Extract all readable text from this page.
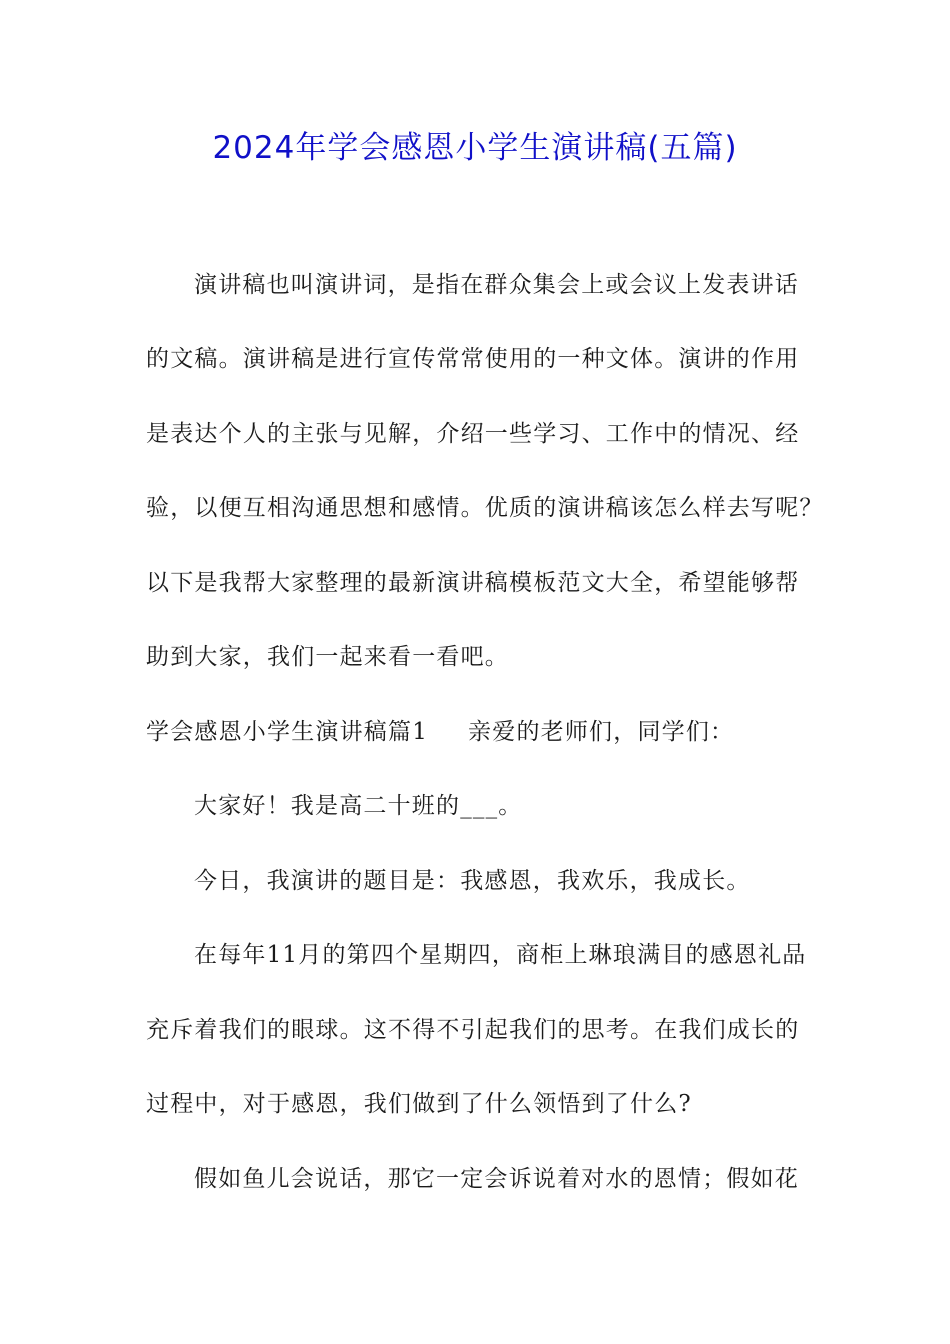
2024年学会感恩小学生演讲稿(五篇)
演讲稿也叫演讲词，是指在群众集会上或会议上发表讲话
的文稿。演讲稿是进行宣传常常使用的一种文体。演讲的作用
是表达个人的主张与见解，介绍一些学习、工作中的情况、经
验，以便互相沟通思想和感情。优质的演讲稿该怎么样去写呢？
以下是我帮大家整理的最新演讲稿模板范文大全，希望能够帮
助到大家，我们一起来看一看吧。
学会感恩小学生演讲稿篇1 亲爱的老师们，同学们：
大家好！我是高二十班的___。
今日，我演讲的题目是：我感恩，我欢乐，我成长。
在每年11月的第四个星期四，商柜上琳琅满目的感恩礼品
充斥着我们的眼球。这不得不引起我们的思考。在我们成长的
过程中，对于感恩，我们做到了什么领悟到了什么?
假如鱼儿会说话，那它一定会诉说着对水的恩情；假如花
